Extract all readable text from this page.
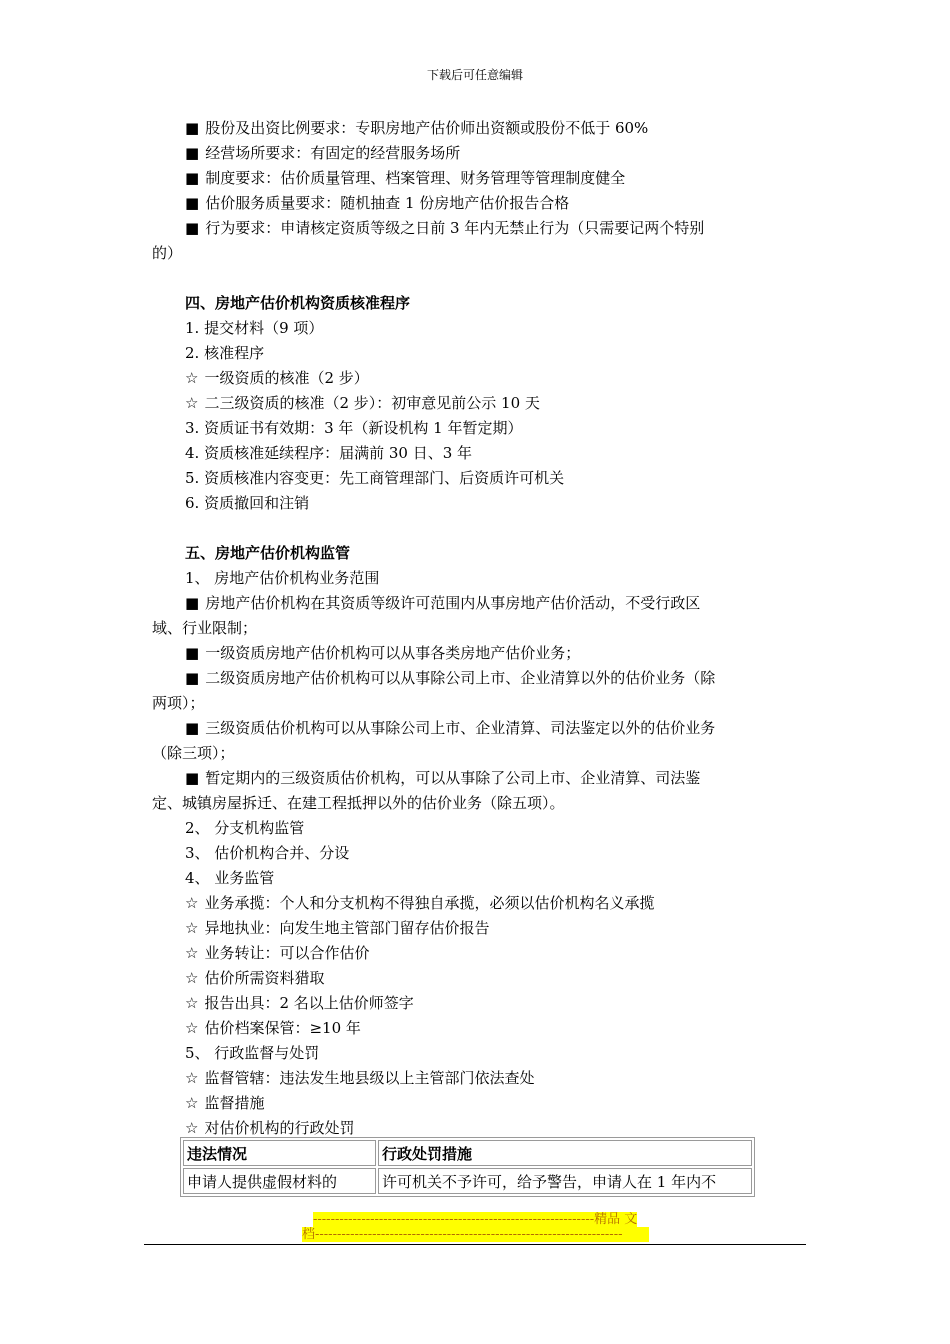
下载后可任意编辑
■ 股份及出资比例要求：专职房地产估价师出资额或股份不低于 60%
■ 经营场所要求：有固定的经营服务场所
■ 制度要求：估价质量管理、档案管理、财务管理等管理制度健全
■ 估价服务质量要求：随机抽查 1 份房地产估价报告合格
■ 行为要求：申请核定资质等级之日前 3 年内无禁止行为（只需要记两个特别
的）
四、房地产估价机构资质核准程序
1. 提交材料（9 项）
2. 核准程序
☆ 一级资质的核准（2 步）
☆ 二三级资质的核准（2 步）：初审意见前公示 10 天
3. 资质证书有效期：3 年（新设机构 1 年暂定期）
4. 资质核准延续程序：届满前 30 日、3 年
5. 资质核准内容变更：先工商管理部门、后资质许可机关
6. 资质撤回和注销
五、房地产估价机构监管
1、 房地产估价机构业务范围
■ 房地产估价机构在其资质等级许可范围内从事房地产估价活动，不受行政区
域、行业限制；
■ 一级资质房地产估价机构可以从事各类房地产估价业务；
■ 二级资质房地产估价机构可以从事除公司上市、企业清算以外的估价业务（除
两项）；
■ 三级资质估价机构可以从事除公司上市、企业清算、司法鉴定以外的估价业务
（除三项）；
■ 暂定期内的三级资质估价机构，可以从事除了公司上市、企业清算、司法鉴
定、城镇房屋拆迁、在建工程抵押以外的估价业务（除五项）。
2、 分支机构监管
3、 估价机构合并、分设
4、 业务监管
☆ 业务承揽：个人和分支机构不得独自承揽，必须以估价机构名义承揽
☆ 异地执业：向发生地主管部门留存估价报告
☆ 业务转让：可以合作估价
☆ 估价所需资料猎取
☆ 报告出具：2 名以上估价师签字
☆ 估价档案保管：≥10 年
5、 行政监督与处罚
☆ 监督管辖：违法发生地县级以上主管部门依法查处
☆ 监督措施
☆ 对估价机构的行政处罚
违法情况	行政处罚措施
申请人提供虚假材料的	许可机关不予许可，给予警告，申请人在 1 年内不
----------------------------------------------------------------精品 文
档----------------------------------------------------------------------
